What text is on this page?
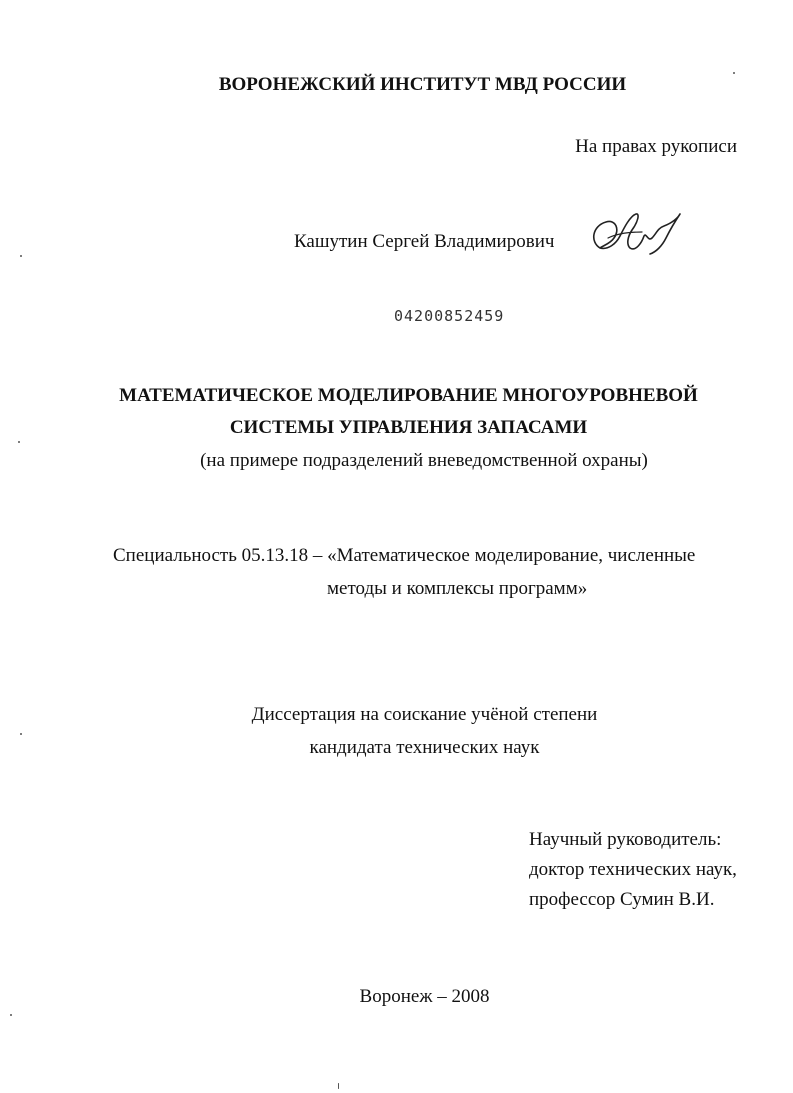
ВОРОНЕЖСКИЙ ИНСТИТУТ МВД РОССИИ
На правах рукописи
Кашутин Сергей Владимирович
04200852459
МАТЕМАТИЧЕСКОЕ МОДЕЛИРОВАНИЕ МНОГОУРОВНЕВОЙ
СИСТЕМЫ УПРАВЛЕНИЯ ЗАПАСАМИ
(на примере подразделений вневедомственной охраны)
Специальность 05.13.18 – «Математическое моделирование, численные
методы и комплексы программ»
Диссертация на соискание учёной степени
кандидата технических наук
Научный руководитель:
доктор технических наук,
профессор Сумин В.И.
Воронеж – 2008
